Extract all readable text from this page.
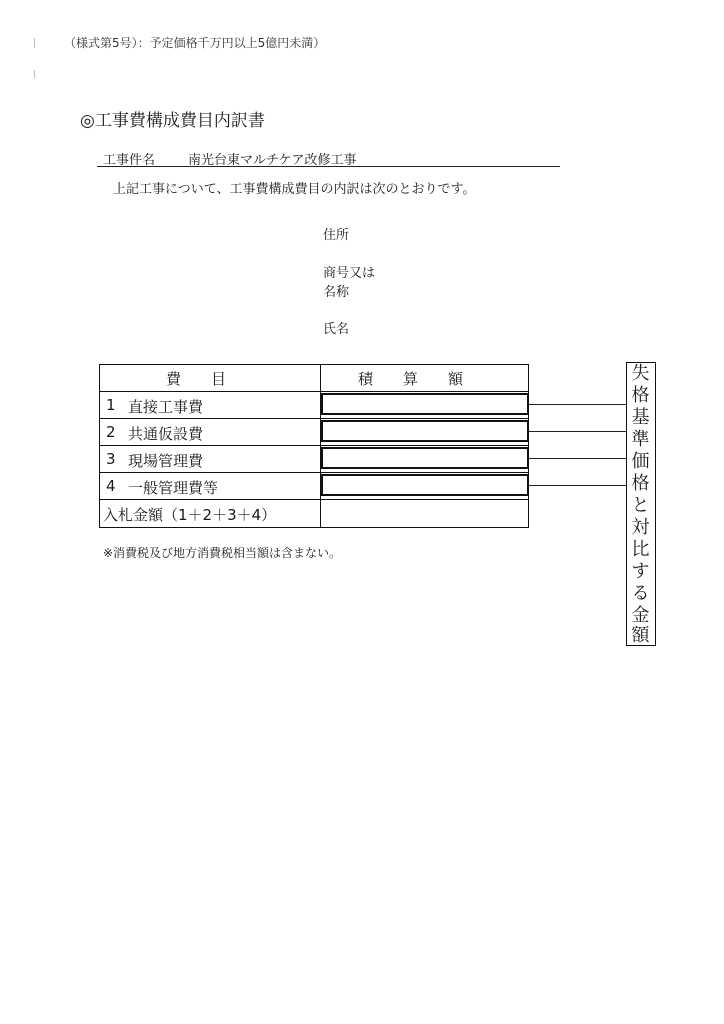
（様式第5号）：予定価格千万円以上5億円未満）
◎工事費構成費目内訳書
工事件名	南光台東マルチケア改修工事
上記工事について、工事費構成費目の内訳は次のとおりです。
住所
商号又は
名称
氏名
費　　目	積　　算　　額
1 直接工事費
2 共通仮設費
3 現場管理費
4 一般管理費等
入札金額（1＋2＋3＋4）
失
格
基
準
価
格
と
対
比
す
る
金
額
※消費税及び地方消費税相当額は含まない。
